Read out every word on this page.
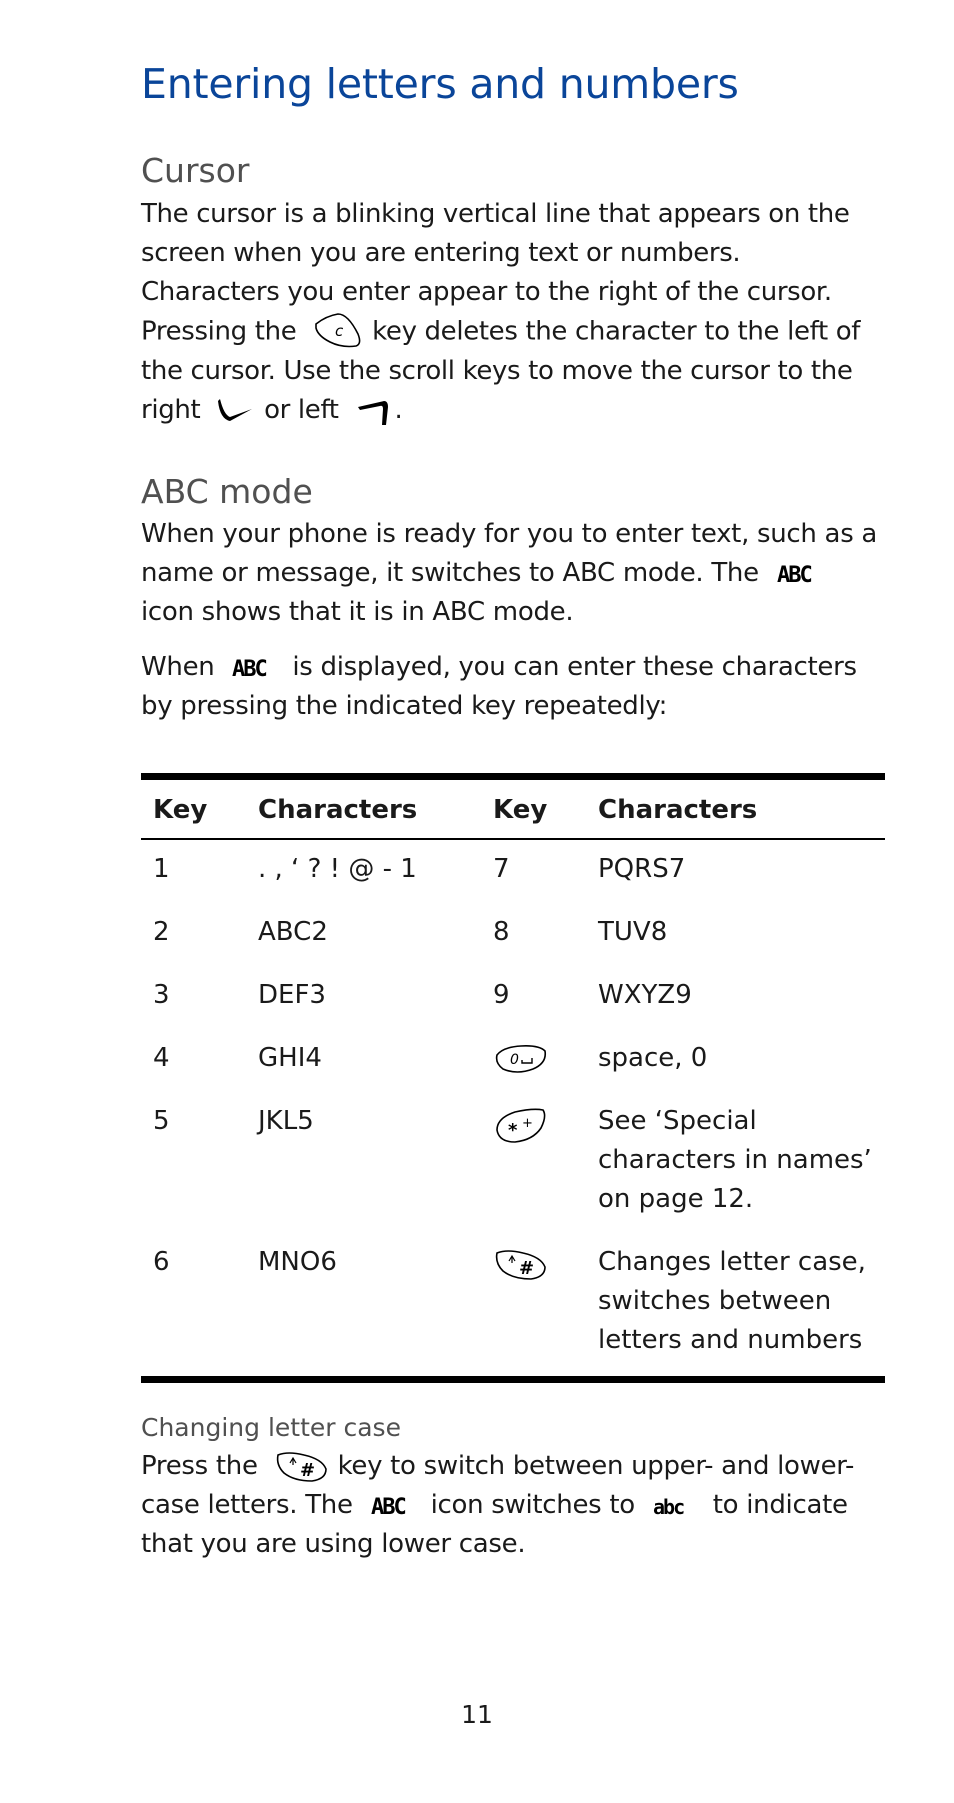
Entering letters and numbers
Cursor

The cursor is a blinking vertical line that appears on the screen when you are entering text or numbers. Characters you enter appear to the right of the cursor. Pressing the	c key deletes the character to the left of the cursor. Use the scroll keys to move the cursor to the right or left .

ABC mode

When your phone is ready for you to enter text, such as a name or message, it switches to ABC mode. The ABC
icon shows that it is in ABC mode.

When ABC is displayed, you can enter these characters by pressing the indicated key repeatedly:

Key	Characters	Key	Characters
1	. , ‘ ? ! @ - 1	7	PQRS7
2	ABC2	8	TUV8
3	DEF3	9	WXYZ9
4	GHI4	0	space, 0
5	JKL5	* +	See ‘Special characters in names’ on page 12.
6	MNO6	#	Changes letter case, switches between letters and numbers
Changing letter case

Press the # key to switch between upper- and lower-case letters. The ABC icon switches to abc to indicate that you are using lower case.

11
